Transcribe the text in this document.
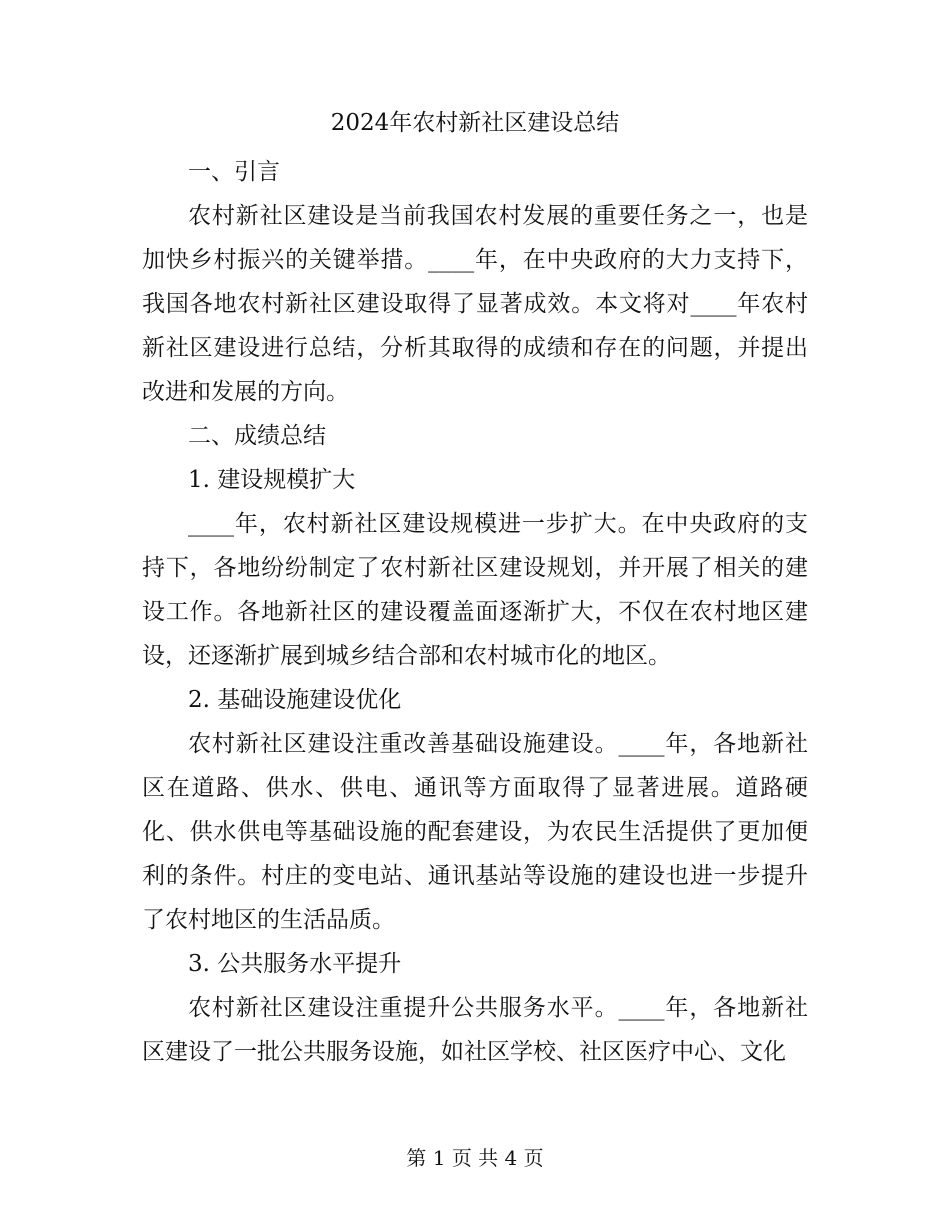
2024年农村新社区建设总结

一、引言

农村新社区建设是当前我国农村发展的重要任务之一，也是加快乡村振兴的关键举措。____年，在中央政府的大力支持下，我国各地农村新社区建设取得了显著成效。本文将对____年农村新社区建设进行总结，分析其取得的成绩和存在的问题，并提出改进和发展的方向。

二、成绩总结

1. 建设规模扩大

____年，农村新社区建设规模进一步扩大。在中央政府的支持下，各地纷纷制定了农村新社区建设规划，并开展了相关的建设工作。各地新社区的建设覆盖面逐渐扩大，不仅在农村地区建设，还逐渐扩展到城乡结合部和农村城市化的地区。

2. 基础设施建设优化

农村新社区建设注重改善基础设施建设。____年，各地新社区在道路、供水、供电、通讯等方面取得了显著进展。道路硬化、供水供电等基础设施的配套建设，为农民生活提供了更加便利的条件。村庄的变电站、通讯基站等设施的建设也进一步提升了农村地区的生活品质。

3. 公共服务水平提升

农村新社区建设注重提升公共服务水平。____年，各地新社区建设了一批公共服务设施，如社区学校、社区医疗中心、文化

第 1 页 共 4 页
